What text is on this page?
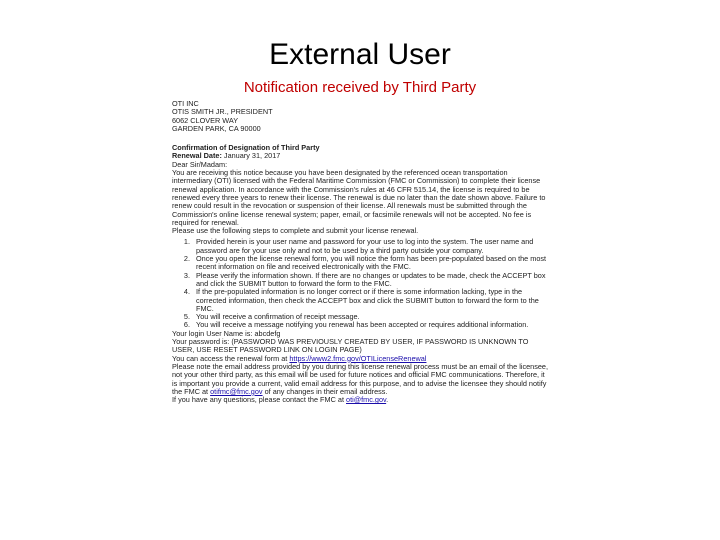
External User
Notification received by Third Party

OTI INC

OTIS SMITH JR., PRESIDENT

6062 CLOVER WAY

GARDEN PARK, CA 90000

Confirmation of Designation of Third Party

Renewal Date: January 31, 2017

Dear Sir/Madam:

You are receiving this notice because you have been designated by the referenced ocean transportation intermediary (OTI) licensed with the Federal Maritime Commission (FMC or Commission) to complete their license renewal application. In accordance with the Commission's rules at 46 CFR 515.14, the license is required to be renewed every three years to renew their license. The renewal is due no later than the date shown above. Failure to renew could result in the revocation or suspension of their license. All renewals must be submitted through the Commission's online license renewal system; paper, email, or facsimile renewals will not be accepted. No fee is required for renewal.

Please use the following steps to complete and submit your license renewal.

1. Provided herein is your user name and password for your use to log into the system. The user name and password are for your use only and not to be used by a third party outside your company.
2. Once you open the license renewal form, you will notice the form has been pre-populated based on the most recent information on file and received electronically with the FMC.
3. Please verify the information shown. If there are no changes or updates to be made, check the ACCEPT box and click the SUBMIT button to forward the form to the FMC.
4. If the pre-populated information is no longer correct or if there is some information lacking, type in the corrected information, then check the ACCEPT box and click the SUBMIT button to forward the form to the FMC.
5. You will receive a confirmation of receipt message.
6. You will receive a message notifying you renewal has been accepted or requires additional information.

Your login User Name is: abcdefg

Your password is: (PASSWORD WAS PREVIOUSLY CREATED BY USER, IF PASSWORD IS UNKNOWN TO USER, USE RESET PASSWORD LINK ON LOGIN PAGE)

You can access the renewal form at https://www2.fmc.gov/OTILicenseRenewal

Please note the email address provided by you during this license renewal process must be an email of the licensee, not your other third party, as this email will be used for future notices and official FMC communications. Therefore, it is important you provide a current, valid email address for this purpose, and to advise the licensee they should notify the FMC at otifmc@fmc.gov of any changes in their email address.

If you have any questions, please contact the FMC at oti@fmc.gov.
